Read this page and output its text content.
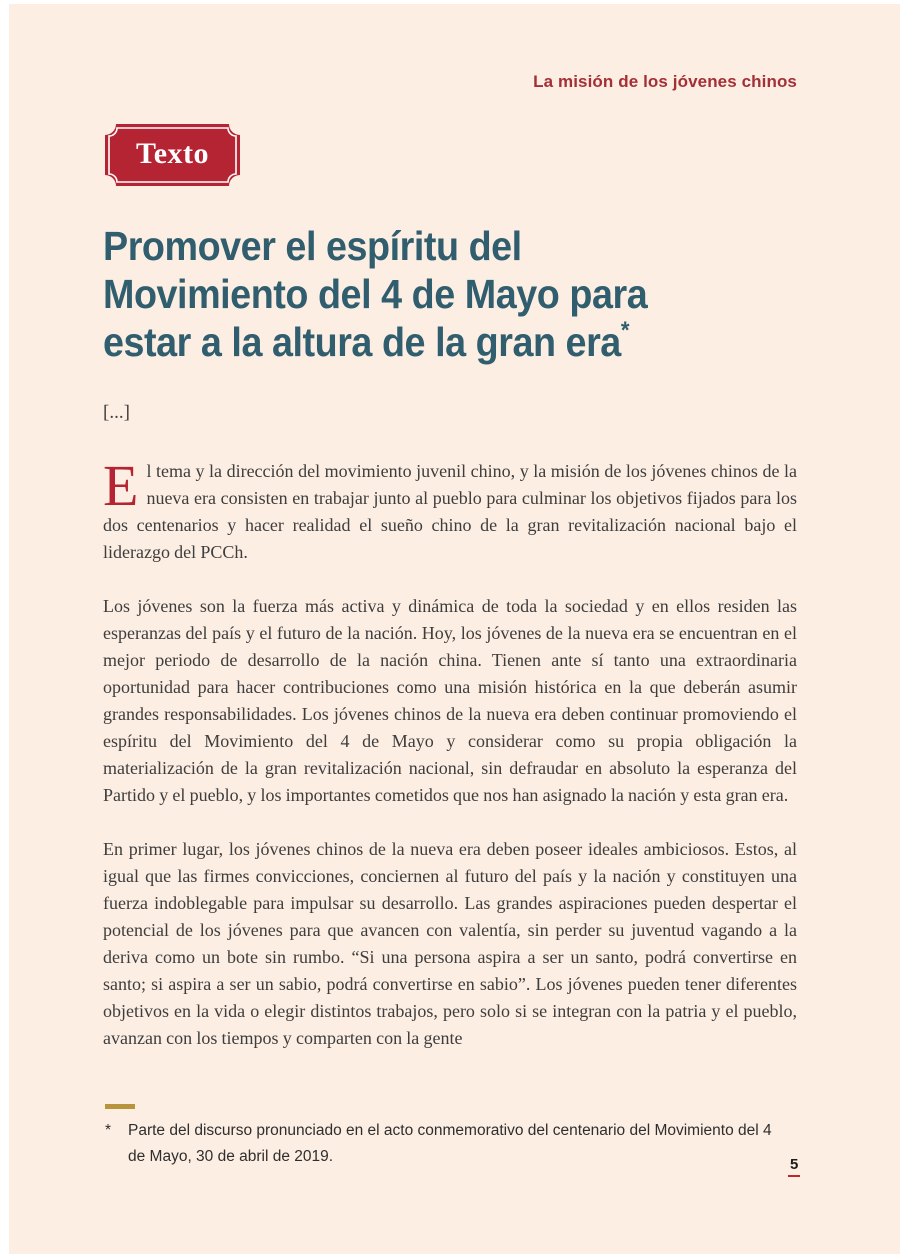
La misión de los jóvenes chinos
Texto
Promover el espíritu del
Movimiento del 4 de Mayo para
estar a la altura de la gran era*
[...]

El tema y la dirección del movimiento juvenil chino, y la misión de los jóvenes chinos de la nueva era consisten en trabajar junto al pueblo para culminar los objetivos fijados para los dos centenarios y hacer realidad el sueño chino de la gran revitalización nacional bajo el liderazgo del PCCh.

Los jóvenes son la fuerza más activa y dinámica de toda la sociedad y en ellos residen las esperanzas del país y el futuro de la nación. Hoy, los jóvenes de la nueva era se encuentran en el mejor periodo de desarrollo de la nación china. Tienen ante sí tanto una extraordinaria oportunidad para hacer contribuciones como una misión histórica en la que deberán asumir grandes responsabilidades. Los jóvenes chinos de la nueva era deben continuar promoviendo el espíritu del Movimiento del 4 de Mayo y considerar como su propia obligación la materialización de la gran revitalización nacional, sin defraudar en absoluto la esperanza del Partido y el pueblo, y los importantes cometidos que nos han asignado la nación y esta gran era.

En primer lugar, los jóvenes chinos de la nueva era deben poseer ideales ambiciosos. Estos, al igual que las firmes convicciones, conciernen al futuro del país y la nación y constituyen una fuerza indoblegable para impulsar su desarrollo. Las grandes aspiraciones pueden despertar el potencial de los jóvenes para que avancen con valentía, sin perder su juventud vagando a la deriva como un bote sin rumbo. “Si una persona aspira a ser un santo, podrá convertirse en santo; si aspira a ser un sabio, podrá convertirse en sabio”. Los jóvenes pueden tener diferentes objetivos en la vida o elegir distintos trabajos, pero solo si se integran con la patria y el pueblo, avanzan con los tiempos y comparten con la gente

*	Parte del discurso pronunciado en el acto conmemorativo del centenario del Movimiento del 4
de Mayo, 30 de abril de 2019.	5
